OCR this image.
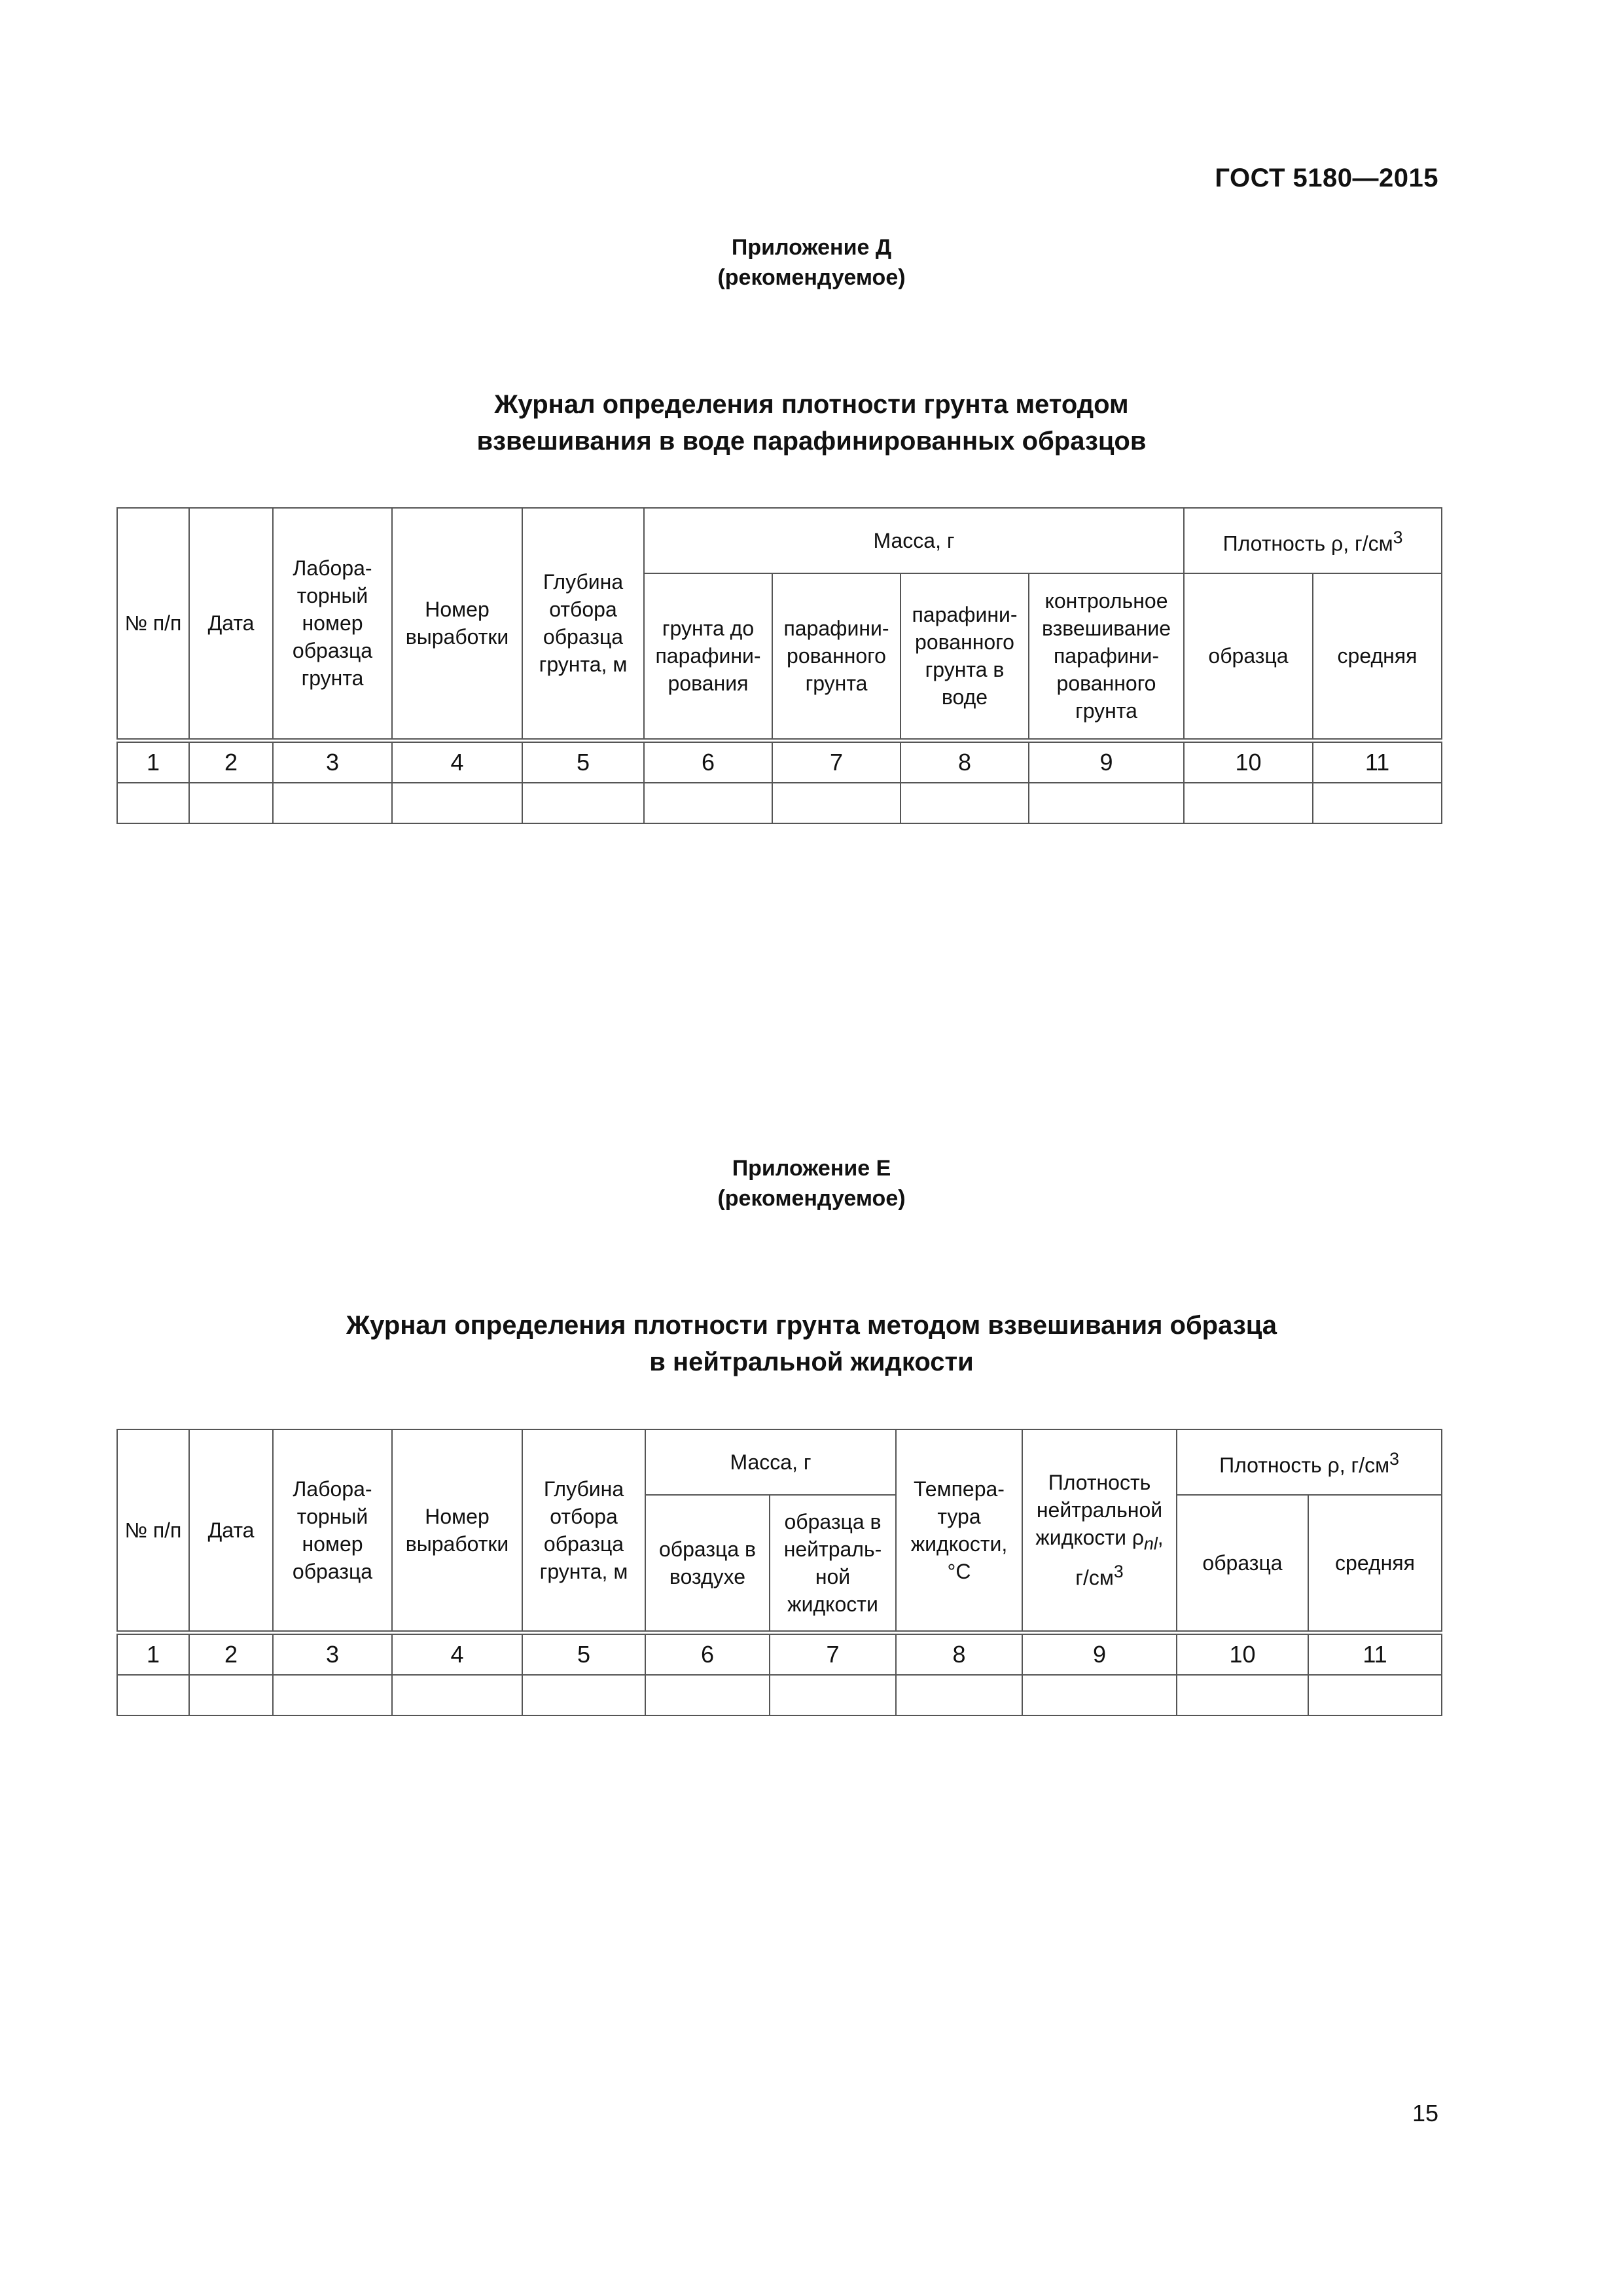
ГОСТ 5180—2015
Приложение Д
(рекомендуемое)
Журнал определения плотности грунта методом
взвешивания в воде парафинированных образцов
№ п/п	Дата	Лабора-торный номер образца грунта	Номер выработки	Глубина отбора образца грунта, м	Масса, г				Плотность ρ, $г/см^3$
					грунта до парафини-рования	парафини-рованного грунта	парафини-рованного грунта в воде	контрольное взвешивание парафини-рованного грунта	образца	средняя
1	2	3	4	5	6	7	8	9	10	11

Приложение Е
(рекомендуемое)
Журнал определения плотности грунта методом взвешивания образца
в нейтральной жидкости
№ п/п	Дата	Лабора-торный номер образца	Номер выработки	Глубина отбора образца грунта, м	Масса, г		Темпера-тура жидкости, °С	Плотность нейтральной жидкости $\rho_{nl}$, $г/см^3$	Плотность ρ, $г/см^3$
					образца в воздухе	образца в нейтраль-ной жидкости			образца	средняя
1	2	3	4	5	6	7	8	9	10	11

15
